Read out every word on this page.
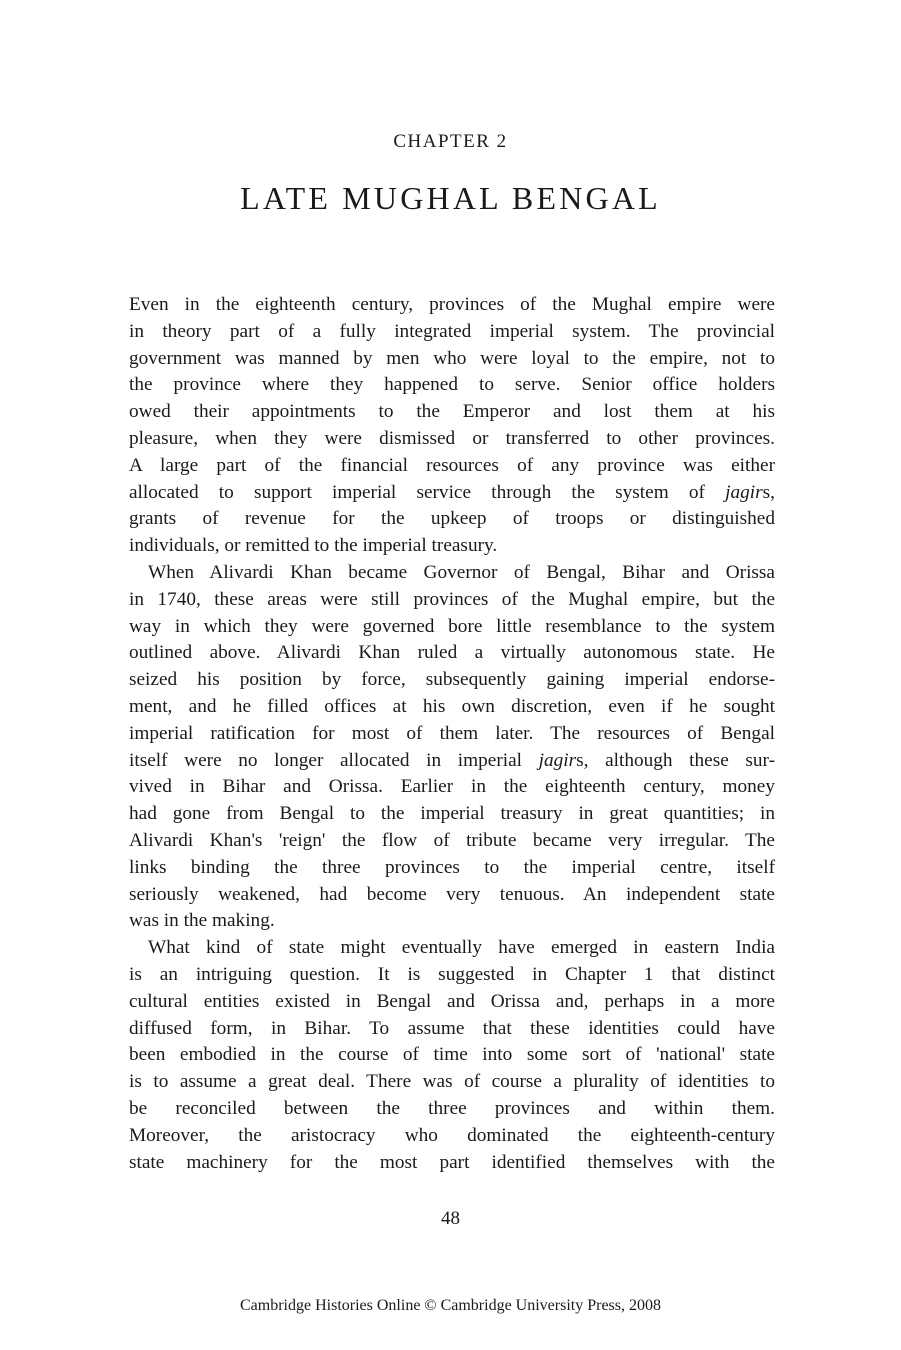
CHAPTER 2
LATE MUGHAL BENGAL

Even in the eighteenth century, provinces of the Mughal empire were
in theory part of a fully integrated imperial system. The provincial
government was manned by men who were loyal to the empire, not to
the province where they happened to serve. Senior office holders
owed their appointments to the Emperor and lost them at his
pleasure, when they were dismissed or transferred to other provinces.
A large part of the financial resources of any province was either
allocated to support imperial service through the system of jagirs,
grants of revenue for the upkeep of troops or distinguished
individuals, or remitted to the imperial treasury.

When Alivardi Khan became Governor of Bengal, Bihar and Orissa
in 1740, these areas were still provinces of the Mughal empire, but the
way in which they were governed bore little resemblance to the system
outlined above. Alivardi Khan ruled a virtually autonomous state. He
seized his position by force, subsequently gaining imperial endorse-
ment, and he filled offices at his own discretion, even if he sought
imperial ratification for most of them later. The resources of Bengal
itself were no longer allocated in imperial jagirs, although these sur-
vived in Bihar and Orissa. Earlier in the eighteenth century, money
had gone from Bengal to the imperial treasury in great quantities; in
Alivardi Khan's 'reign' the flow of tribute became very irregular. The
links binding the three provinces to the imperial centre, itself
seriously weakened, had become very tenuous. An independent state
was in the making.

What kind of state might eventually have emerged in eastern India
is an intriguing question. It is suggested in Chapter 1 that distinct
cultural entities existed in Bengal and Orissa and, perhaps in a more
diffused form, in Bihar. To assume that these identities could have
been embodied in the course of time into some sort of 'national' state
is to assume a great deal. There was of course a plurality of identities to
be reconciled between the three provinces and within them.
Moreover, the aristocracy who dominated the eighteenth-century
state machinery for the most part identified themselves with the

48
Cambridge Histories Online © Cambridge University Press, 2008
